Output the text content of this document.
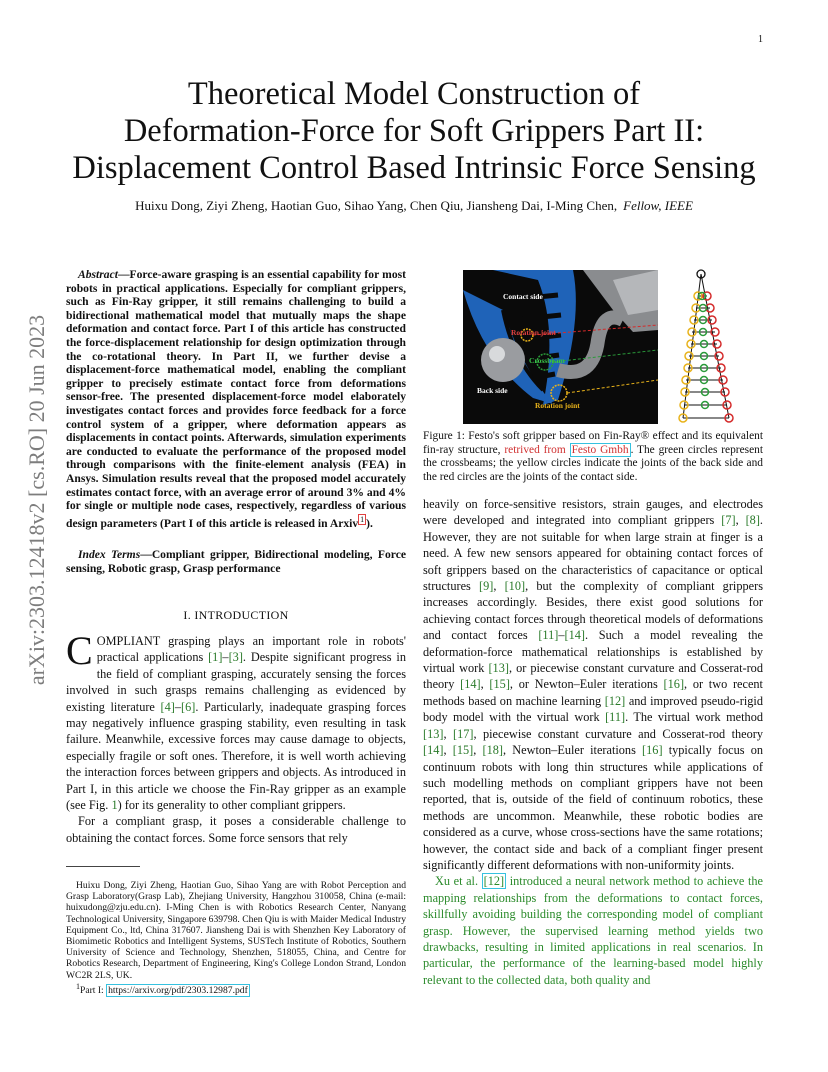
1
arXiv:2303.12418v2 [cs.RO] 20 Jun 2023
Theoretical Model Construction of
Deformation-Force for Soft Grippers Part II:
Displacement Control Based Intrinsic Force Sensing
Huixu Dong, Ziyi Zheng, Haotian Guo, Sihao Yang, Chen Qiu, Jiansheng Dai, I-Ming Chen, Fellow, IEEE

Abstract—Force-aware grasping is an essential capability for most robots in practical applications. Especially for compliant grippers, such as Fin-Ray gripper, it still remains challenging to build a bidirectional mathematical model that mutually maps the shape deformation and contact force. Part I of this article has constructed the force-displacement relationship for design optimization through the co-rotational theory. In Part II, we further devise a displacement-force mathematical model, enabling the compliant gripper to precisely estimate contact force from deformations sensor-free. The presented displacement-force model elaborately investigates contact forces and provides force feedback for a force control system of a gripper, where deformation appears as displacements in contact points. Afterwards, simulation experiments are conducted to evaluate the performance of the proposed model through comparisons with the finite-element analysis (FEA) in Ansys. Simulation results reveal that the proposed model accurately estimates contact force, with an average error of around 3% and 4% for single or multiple node cases, respectively, regardless of various design parameters (Part I of this article is released in Arxiv $^1$ ).

Index Terms—Compliant gripper, Bidirectional modeling, Force sensing, Robotic grasp, Grasp performance

I. INTRODUCTION

COMPLIANT grasping plays an important role in robots' practical applications [1]–[3]. Despite significant progress in the field of compliant grasping, accurately sensing the forces involved in such grasps remains challenging as evidenced by existing literature [4]–[6]. Particularly, inadequate grasping forces may negatively influence grasping stability, even resulting in task failure. Meanwhile, excessive forces may cause damage to objects, especially fragile or soft ones. Therefore, it is well worth achieving the interaction forces between grippers and objects. As introduced in Part I, in this article we choose the Fin-Ray gripper as an example (see Fig. 1) for its generality to other compliant grippers.

For a compliant grasp, it poses a considerable challenge to obtaining the contact forces. Some force sensors that rely

Huixu Dong, Ziyi Zheng, Haotian Guo, Sihao Yang are with Robot Perception and Grasp Laboratory(Grasp Lab), Zhejiang University, Hangzhou 310058, China (e-mail: huixudong@zju.edu.cn). I-Ming Chen is with Robotics Research Center, Nanyang Technological University, Singapore 639798. Chen Qiu is with Maider Medical Industry Equipment Co., ltd, China 317607. Jiansheng Dai is with Shenzhen Key Laboratory of Biomimetic Robotics and Intelligent Systems, SUSTech Institute of Robotics, Southern University of Science and Technology, Shenzhen, 518055, China, and Centre for Robotics Research, Department of Engineering, King's College London Strand, London WC2R 2LS, UK.

$^1$Part I: https://arxiv.org/pdf/2303.12987.pdf

Contact side
Rotation joint
Crossbeam
Back side
Rotation joint

Figure 1: Festo's soft gripper based on Fin-Ray® effect and its equivalent fin-ray structure, retrived from Festo Gmbh . The green circles represent the crossbeams; the yellow circles indicate the joints of the back side and the red circles are the joints of the contact side.

heavily on force-sensitive resistors, strain gauges, and electrodes were developed and integrated into compliant grippers [7], [8]. However, they are not suitable for when large strain at finger is a need. A few new sensors appeared for obtaining contact forces of soft grippers based on the characteristics of capacitance or optical structures [9], [10], but the complexity of compliant grippers increases accordingly. Besides, there exist good solutions for achieving contact forces through theoretical models of deformations and contact forces [11]–[14]. Such a model revealing the deformation-force mathematical relationships is established by virtual work [13], or piecewise constant curvature and Cosserat-rod theory [14], [15], or Newton–Euler iterations [16], or two recent methods based on machine learning [12] and improved pseudo-rigid body model with the virtual work [11]. The virtual work method [13], [17], piecewise constant curvature and Cosserat-rod theory [14], [15], [18], Newton–Euler iterations [16] typically focus on continuum robots with long thin structures while applications of such modelling methods on compliant grippers have not been reported, that is, outside of the field of continuum robotics, these methods are uncommon. Meanwhile, these robotic bodies are considered as a curve, whose cross-sections have the same rotations; however, the contact side and back of a compliant finger present significantly different deformations with non-uniformity joints.

Xu et al. [12] introduced a neural network method to achieve the mapping relationships from the deformations to contact forces, skillfully avoiding building the corresponding model of compliant grasp. However, the supervised learning method yields two drawbacks, resulting in limited applications in real scenarios. In particular, the performance of the learning-based model highly relevant to the collected data, both quality and
